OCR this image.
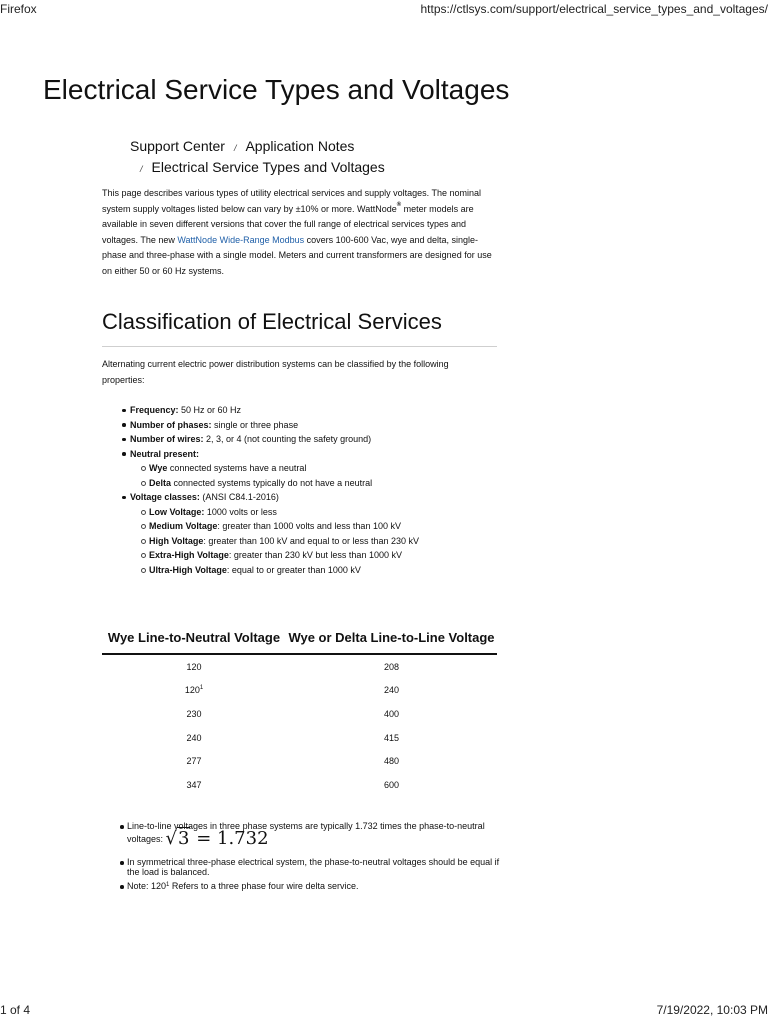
Firefox	https://ctlsys.com/support/electrical_service_types_and_voltages/
Electrical Service Types and Voltages
Support Center / Application Notes
/ Electrical Service Types and Voltages

This page describes various types of utility electrical services and supply voltages. The nominal system supply voltages listed below can vary by ±10% or more. WattNode® meter models are available in seven different versions that cover the full range of electrical services types and voltages. The new WattNode Wide-Range Modbus covers 100-600 Vac, wye and delta, single-phase and three-phase with a single model. Meters and current transformers are designed for use on either 50 or 60 Hz systems.

Classification of Electrical Services

Alternating current electric power distribution systems can be classified by the following properties:

Frequency: 50 Hz or 60 Hz
Number of phases: single or three phase
Number of wires: 2, 3, or 4 (not counting the safety ground)
Neutral present:
Wye connected systems have a neutral
Delta connected systems typically do not have a neutral
Voltage classes: (ANSI C84.1-2016)
Low Voltage: 1000 volts or less
Medium Voltage: greater than 1000 volts and less than 100 kV
High Voltage: greater than 100 kV and equal to or less than 230 kV
Extra-High Voltage: greater than 230 kV but less than 1000 kV
Ultra-High Voltage: equal to or greater than 1000 kV
Wye Line-to-Neutral Voltage	Wye or Delta Line-to-Line Voltage
120	208
120$^1$	240
230	400
240	415
277	480
347	600
Line-to-line voltages in three phase systems are typically 1.732 times the phase-to-neutral voltages: √3 = 1.732
In symmetrical three-phase electrical system, the phase-to-neutral voltages should be equal if the load is balanced.
Note: 120$^1$ Refers to a three phase four wire delta service.
1 of 4	7/19/2022, 10:03 PM
